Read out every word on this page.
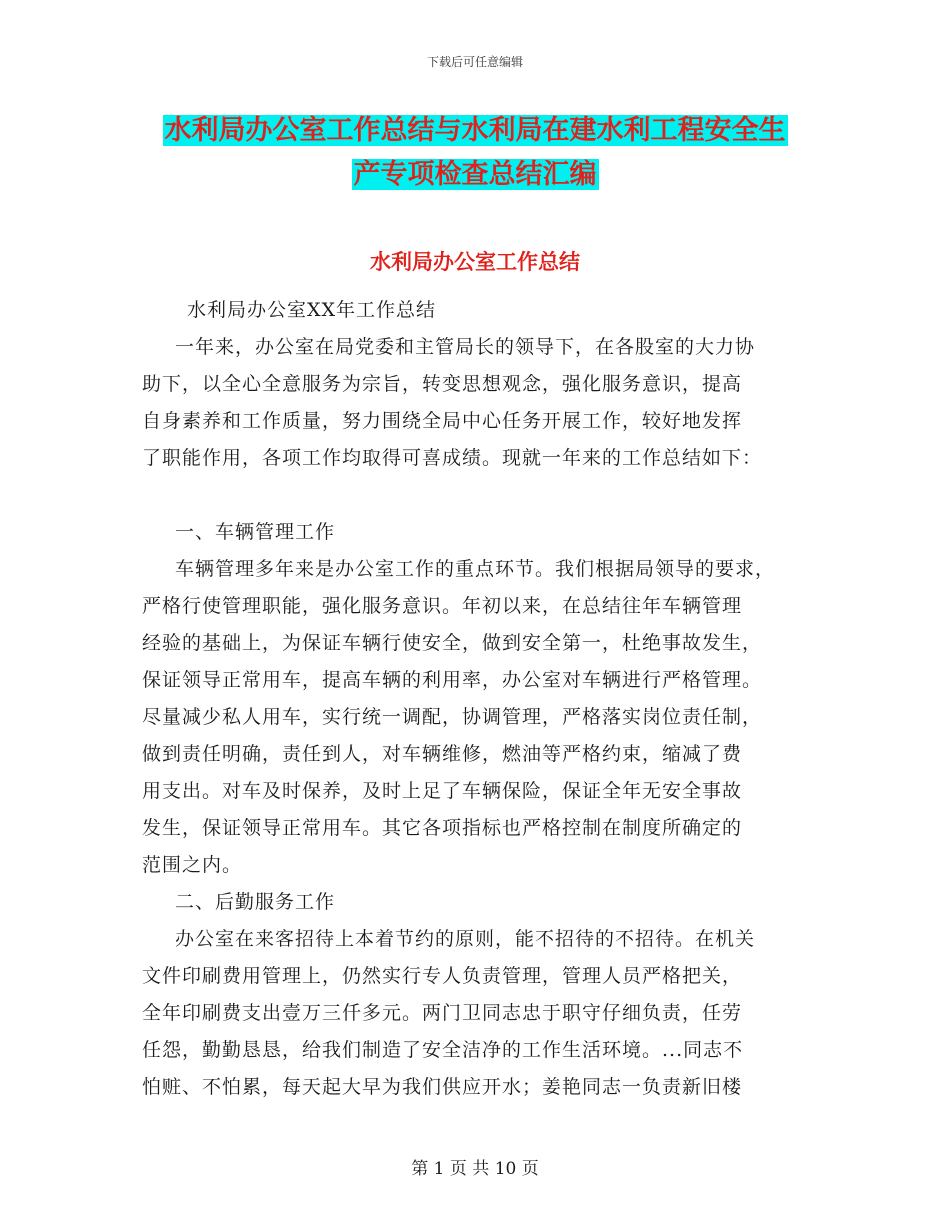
下载后可任意编辑
水利局办公室工作总结与水利局在建水利工程安全生
产专项检查总结汇编
水利局办公室工作总结
水利局办公室XX年工作总结
一年来，办公室在局党委和主管局长的领导下，在各股室的大力协
助下，以全心全意服务为宗旨，转变思想观念，强化服务意识，提高
自身素养和工作质量，努力围绕全局中心任务开展工作，较好地发挥
了职能作用，各项工作均取得可喜成绩。现就一年来的工作总结如下：
一、车辆管理工作
车辆管理多年来是办公室工作的重点环节。我们根据局领导的要求，
严格行使管理职能，强化服务意识。年初以来，在总结往年车辆管理
经验的基础上，为保证车辆行使安全，做到安全第一，杜绝事故发生，
保证领导正常用车，提高车辆的利用率，办公室对车辆进行严格管理。
尽量减少私人用车，实行统一调配，协调管理，严格落实岗位责任制，
做到责任明确，责任到人，对车辆维修，燃油等严格约束，缩减了费
用支出。对车及时保养，及时上足了车辆保险，保证全年无安全事故
发生，保证领导正常用车。其它各项指标也严格控制在制度所确定的
范围之内。
二、后勤服务工作
办公室在来客招待上本着节约的原则，能不招待的不招待。在机关
文件印刷费用管理上，仍然实行专人负责管理，管理人员严格把关，
全年印刷费支出壹万三仟多元。两门卫同志忠于职守仔细负责，任劳
任怨，勤勤恳恳，给我们制造了安全洁净的工作生活环境。...同志不
怕赃、不怕累，每天起大早为我们供应开水；姜艳同志一负责新旧楼
第 1 页 共 10 页
